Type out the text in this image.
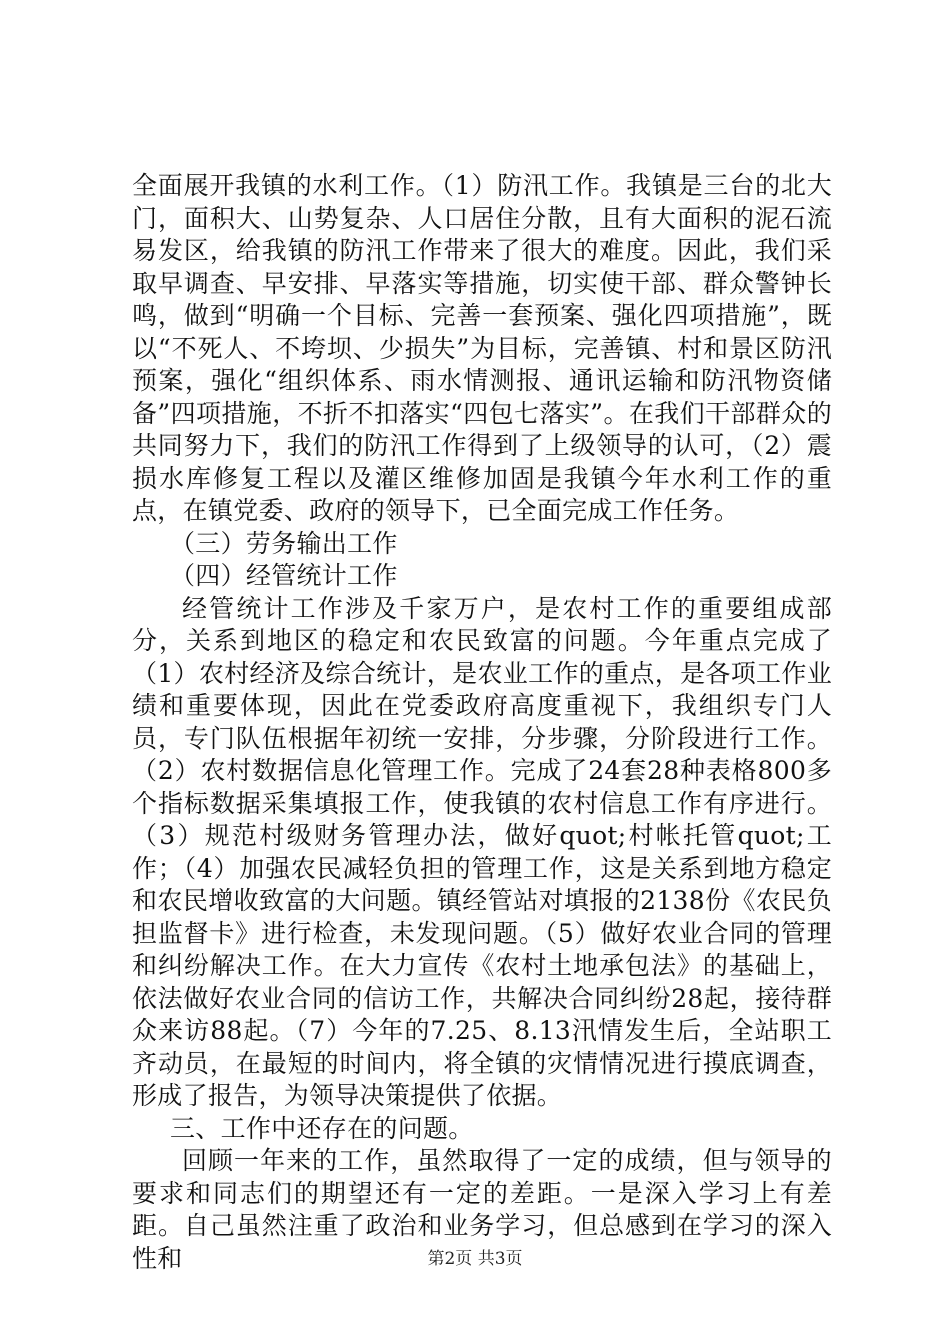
全面展开我镇的水利工作。（1）防汛工作。我镇是三台的北大门，面积大、山势复杂、人口居住分散，且有大面积的泥石流易发区，给我镇的防汛工作带来了很大的难度。因此，我们采取早调查、早安排、早落实等措施，切实使干部、群众警钟长鸣，做到“明确一个目标、完善一套预案、强化四项措施”，既以“不死人、不垮坝、少损失”为目标，完善镇、村和景区防汛预案，强化“组织体系、雨水情测报、通讯运输和防汛物资储备”四项措施，不折不扣落实“四包七落实”。在我们干部群众的共同努力下，我们的防汛工作得到了上级领导的认可，（2）震损水库修复工程以及灌区维修加固是我镇今年水利工作的重点，在镇党委、政府的领导下，已全面完成工作任务。

（三）劳务输出工作

（四）经管统计工作

经管统计工作涉及千家万户，是农村工作的重要组成部分，关系到地区的稳定和农民致富的问题。今年重点完成了（1）农村经济及综合统计，是农业工作的重点，是各项工作业绩和重要体现，因此在党委政府高度重视下，我组织专门人员，专门队伍根据年初统一安排，分步骤，分阶段进行工作。（2）农村数据信息化管理工作。完成了24套28种表格800多个指标数据采集填报工作，使我镇的农村信息工作有序进行。（3）规范村级财务管理办法，做好quot;村帐托管quot;工作；（4）加强农民减轻负担的管理工作，这是关系到地方稳定和农民增收致富的大问题。镇经管站对填报的2138份《农民负担监督卡》进行检查，未发现问题。（5）做好农业合同的管理和纠纷解决工作。在大力宣传《农村土地承包法》的基础上，依法做好农业合同的信访工作，共解决合同纠纷28起，接待群众来访88起。（7）今年的7.25、8.13汛情发生后，全站职工齐动员，在最短的时间内，将全镇的灾情情况进行摸底调查，形成了报告，为领导决策提供了依据。

三、工作中还存在的问题。

回顾一年来的工作，虽然取得了一定的成绩，但与领导的要求和同志们的期望还有一定的差距。一是深入学习上有差距。自己虽然注重了政治和业务学习，但总感到在学习的深入性和	第2页 共3页
